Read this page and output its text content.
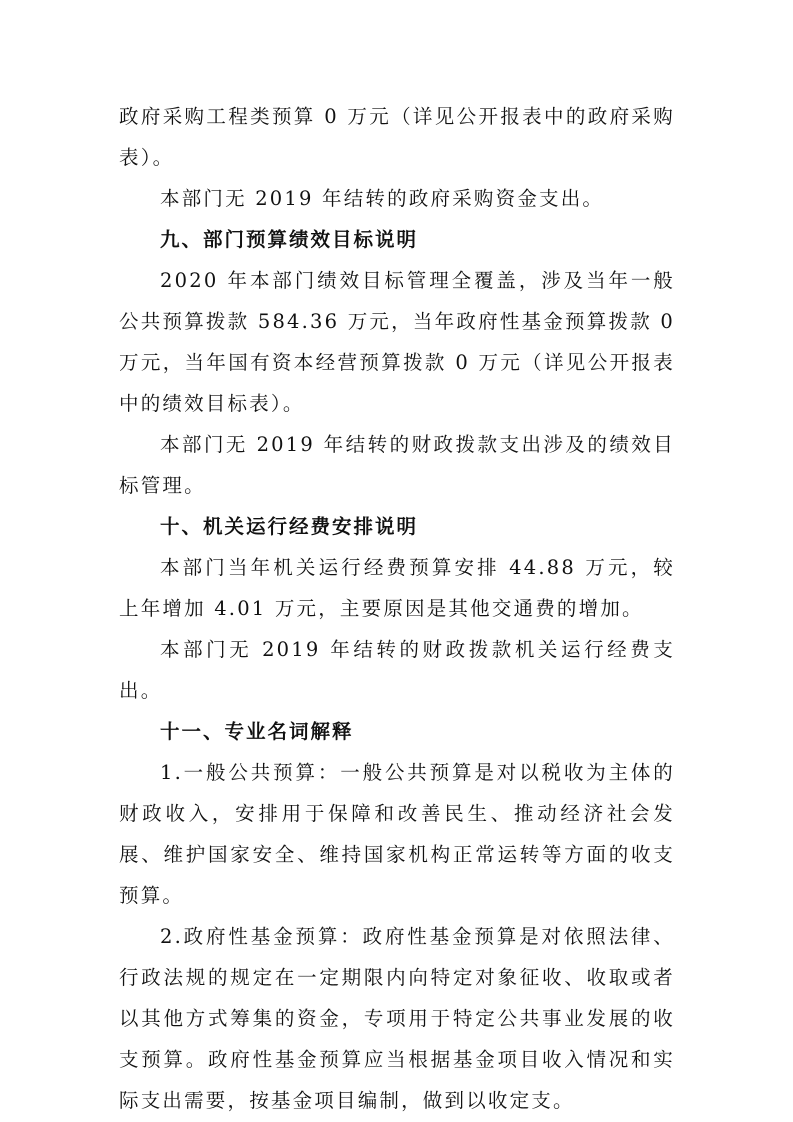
政府采购工程类预算 0 万元（详见公开报表中的政府采购表）。

本部门无 2019 年结转的政府采购资金支出。

九、部门预算绩效目标说明

2020 年本部门绩效目标管理全覆盖，涉及当年一般公共预算拨款 584.36 万元，当年政府性基金预算拨款 0 万元，当年国有资本经营预算拨款 0 万元（详见公开报表中的绩效目标表）。

本部门无 2019 年结转的财政拨款支出涉及的绩效目标管理。

十、机关运行经费安排说明

本部门当年机关运行经费预算安排 44.88 万元，较上年增加 4.01 万元，主要原因是其他交通费的增加。

本部门无 2019 年结转的财政拨款机关运行经费支出。

十一、专业名词解释

1.一般公共预算：一般公共预算是对以税收为主体的财政收入，安排用于保障和改善民生、推动经济社会发展、维护国家安全、维持国家机构正常运转等方面的收支预算。

2.政府性基金预算：政府性基金预算是对依照法律、行政法规的规定在一定期限内向特定对象征收、收取或者以其他方式筹集的资金，专项用于特定公共事业发展的收支预算。政府性基金预算应当根据基金项目收入情况和实际支出需要，按基金项目编制，做到以收定支。
